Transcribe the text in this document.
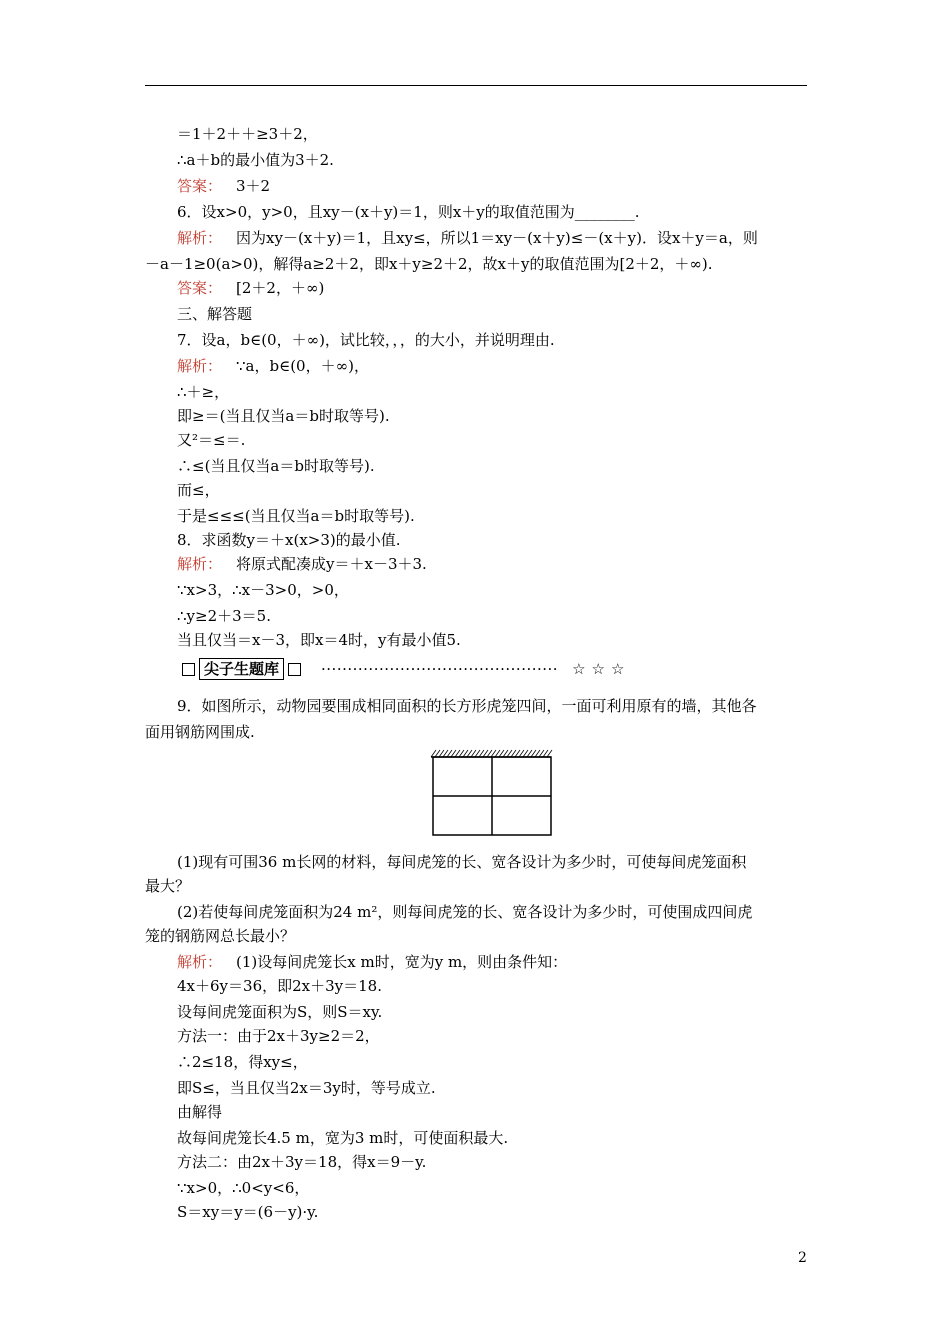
＝1＋2＋＋≥3＋2，
∴a＋b的最小值为3＋2.
答案： 3＋2
6．设x>0，y>0，且xy－(x＋y)＝1，则x＋y的取值范围为________.
解析： 因为xy－(x＋y)＝1，且xy≤，所以1＝xy－(x＋y)≤－(x＋y)．设x＋y＝a，则
－a－1≥0(a>0)，解得a≥2＋2，即x＋y≥2＋2，故x＋y的取值范围为[2＋2，＋∞).
答案： [2＋2，＋∞)
三、解答题
7．设a，b∈(0，＋∞)，试比较，，，的大小，并说明理由.
解析： ∵a，b∈(0，＋∞)，
∴＋≥，
即≥＝(当且仅当a＝b时取等号).
又²＝≤＝.
∴≤(当且仅当a＝b时取等号).
而≤，
于是≤≤≤(当且仅当a＝b时取等号).
8．求函数y＝＋x(x>3)的最小值.
解析： 将原式配凑成y＝＋x－3＋3.
∵x>3，∴x－3>0，>0，
∴y≥2＋3＝5.
当且仅当＝x－3，即x＝4时，y有最小值5.
9．如图所示，动物园要围成相同面积的长方形虎笼四间，一面可利用原有的墙，其他各
面用钢筋网围成.
(1)现有可围36 m长网的材料，每间虎笼的长、宽各设计为多少时，可使每间虎笼面积
最大？
(2)若使每间虎笼面积为24 m²，则每间虎笼的长、宽各设计为多少时，可使围成四间虎
笼的钢筋网总长最小？
解析： (1)设每间虎笼长x m时，宽为y m，则由条件知：
4x＋6y＝36，即2x＋3y＝18.
设每间虎笼面积为S，则S＝xy.
方法一：由于2x＋3y≥2＝2，
∴2≤18，得xy≤，
即S≤，当且仅当2x＝3y时，等号成立.
由解得
故每间虎笼长4.5 m，宽为3 m时，可使面积最大.
方法二：由2x＋3y＝18，得x＝9－y.
∵x>0，∴0<y<6，
S＝xy＝y＝(6－y)·y.
尖子生题库	············································· ☆☆☆
2
